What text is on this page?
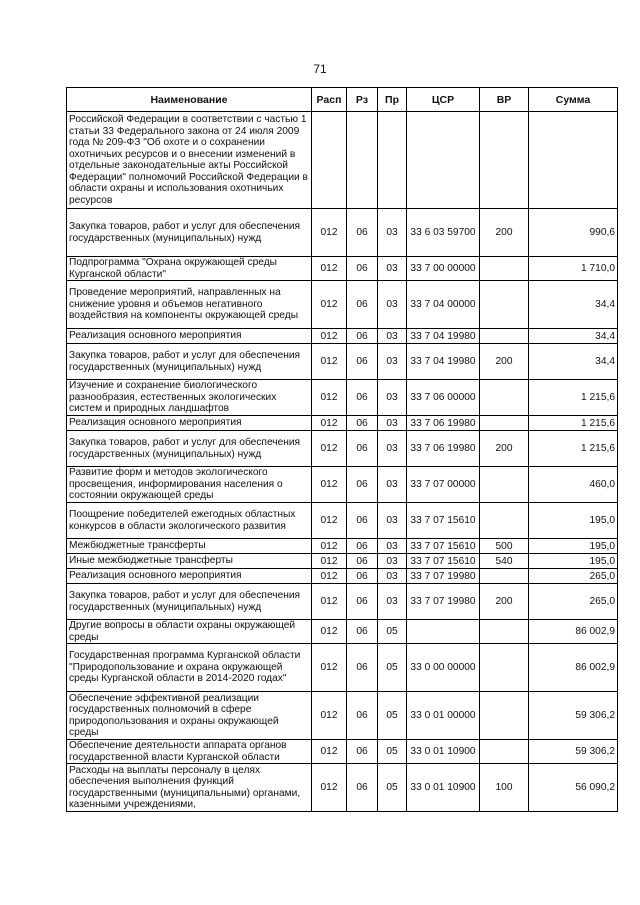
71
Наименование	Расп	Рз	Пр	ЦСР	ВР	Сумма
Российской Федерации в соответствии с частью 1 статьи 33 Федерального закона от 24 июля 2009 года № 209-ФЗ "Об охоте и о сохранении охотничьих ресурсов и о внесении изменений в отдельные законодательные акты Российской Федерации" полномочий Российской Федерации в области охраны и использования охотничьих ресурсов						
Закупка товаров, работ и услуг для обеспечения государственных (муниципальных) нужд	012	06	03	33 6 03 59700	200	990,6
Подпрограмма "Охрана окружающей среды Курганской области"	012	06	03	33 7 00 00000		1 710,0
Проведение мероприятий, направленных на снижение уровня и объемов негативного воздействия на компоненты окружающей среды	012	06	03	33 7 04 00000		34,4
Реализация основного мероприятия	012	06	03	33 7 04 19980		34,4
Закупка товаров, работ и услуг для обеспечения государственных (муниципальных) нужд	012	06	03	33 7 04 19980	200	34,4
Изучение и сохранение биологического разнообразия, естественных экологических систем и природных ландшафтов	012	06	03	33 7 06 00000		1 215,6
Реализация основного мероприятия	012	06	03	33 7 06 19980		1 215,6
Закупка товаров, работ и услуг для обеспечения государственных (муниципальных) нужд	012	06	03	33 7 06 19980	200	1 215,6
Развитие форм и методов экологического просвещения, информирования населения о состоянии окружающей среды	012	06	03	33 7 07 00000		460,0
Поощрение победителей ежегодных областных конкурсов в области экологического развития	012	06	03	33 7 07 15610		195,0
Межбюджетные трансферты	012	06	03	33 7 07 15610	500	195,0
Иные межбюджетные трансферты	012	06	03	33 7 07 15610	540	195,0
Реализация основного мероприятия	012	06	03	33 7 07 19980		265,0
Закупка товаров, работ и услуг для обеспечения государственных (муниципальных) нужд	012	06	03	33 7 07 19980	200	265,0
Другие вопросы в области охраны окружающей среды	012	06	05			86 002,9
Государственная программа Курганской области "Природопользование и охрана окружающей среды Курганской области в 2014-2020 годах"	012	06	05	33 0 00 00000		86 002,9
Обеспечение эффективной реализации государственных полномочий в сфере природопользования и охраны окружающей среды	012	06	05	33 0 01 00000		59 306,2
Обеспечение деятельности аппарата органов государственной власти Курганской области	012	06	05	33 0 01 10900		59 306,2
Расходы на выплаты персоналу в целях обеспечения выполнения функций государственными (муниципальными) органами, казенными учреждениями,	012	06	05	33 0 01 10900	100	56 090,2
